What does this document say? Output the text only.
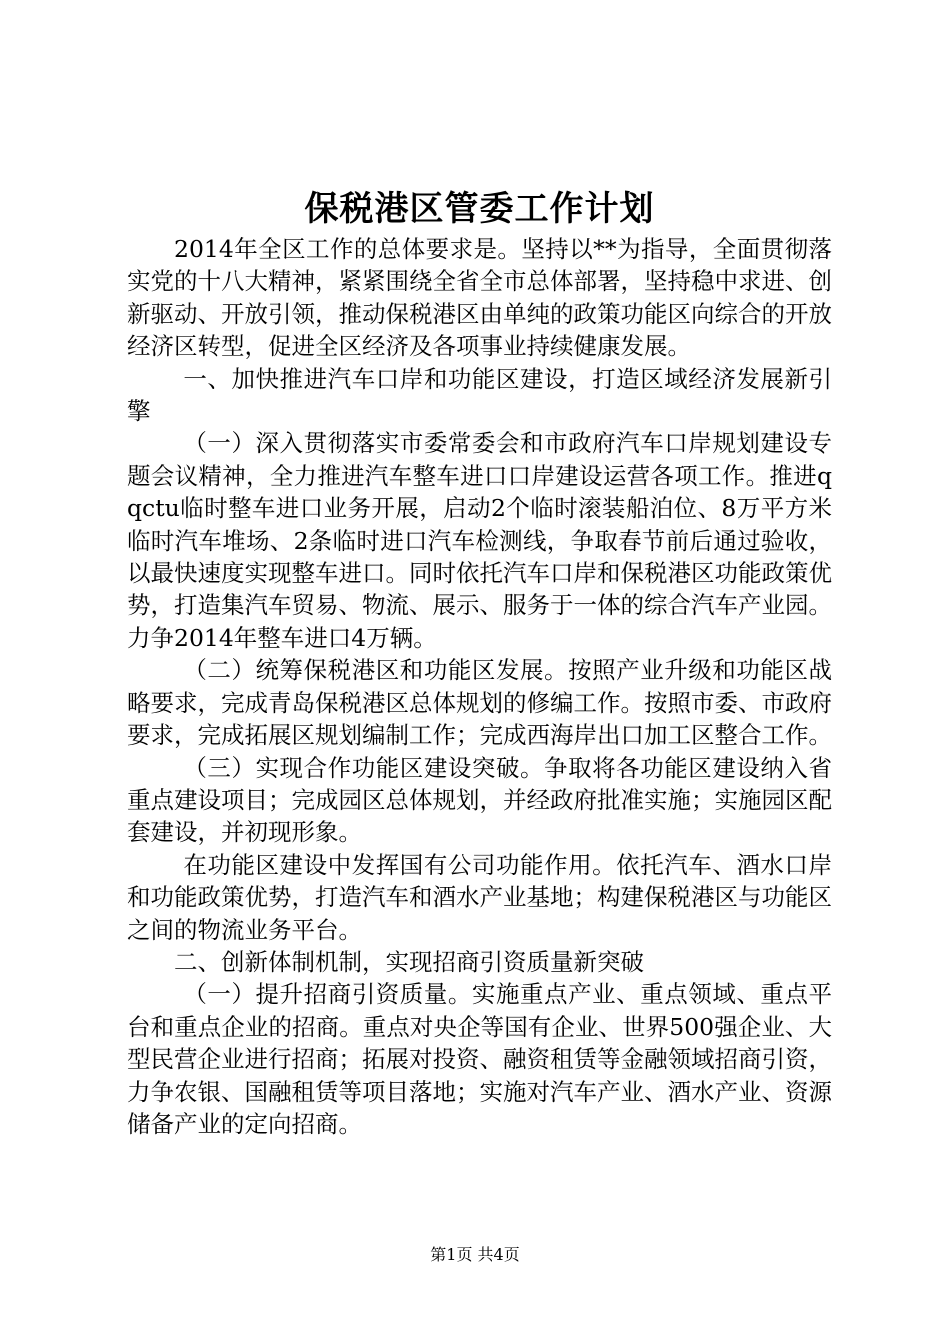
保税港区管委工作计划

2014年全区工作的总体要求是。坚持以**为指导，全面贯彻落实党的十八大精神，紧紧围绕全省全市总体部署，坚持稳中求进、创新驱动、开放引领，推动保税港区由单纯的政策功能区向综合的开放经济区转型，促进全区经济及各项事业持续健康发展。

一、加快推进汽车口岸和功能区建设，打造区域经济发展新引擎

（一）深入贯彻落实市委常委会和市政府汽车口岸规划建设专题会议精神，全力推进汽车整车进口口岸建设运营各项工作。推进qqctu临时整车进口业务开展，启动2个临时滚装船泊位、8万平方米临时汽车堆场、2条临时进口汽车检测线，争取春节前后通过验收，以最快速度实现整车进口。同时依托汽车口岸和保税港区功能政策优势，打造集汽车贸易、物流、展示、服务于一体的综合汽车产业园。力争2014年整车进口4万辆。

（二）统筹保税港区和功能区发展。按照产业升级和功能区战略要求，完成青岛保税港区总体规划的修编工作。按照市委、市政府要求，完成拓展区规划编制工作；完成西海岸出口加工区整合工作。

（三）实现合作功能区建设突破。争取将各功能区建设纳入省重点建设项目；完成园区总体规划，并经政府批准实施；实施园区配套建设，并初现形象。

在功能区建设中发挥国有公司功能作用。依托汽车、酒水口岸和功能政策优势，打造汽车和酒水产业基地；构建保税港区与功能区之间的物流业务平台。

二、创新体制机制，实现招商引资质量新突破

（一）提升招商引资质量。实施重点产业、重点领域、重点平台和重点企业的招商。重点对央企等国有企业、世界500强企业、大型民营企业进行招商；拓展对投资、融资租赁等金融领域招商引资，力争农银、国融租赁等项目落地；实施对汽车产业、酒水产业、资源储备产业的定向招商。

第1页 共4页
